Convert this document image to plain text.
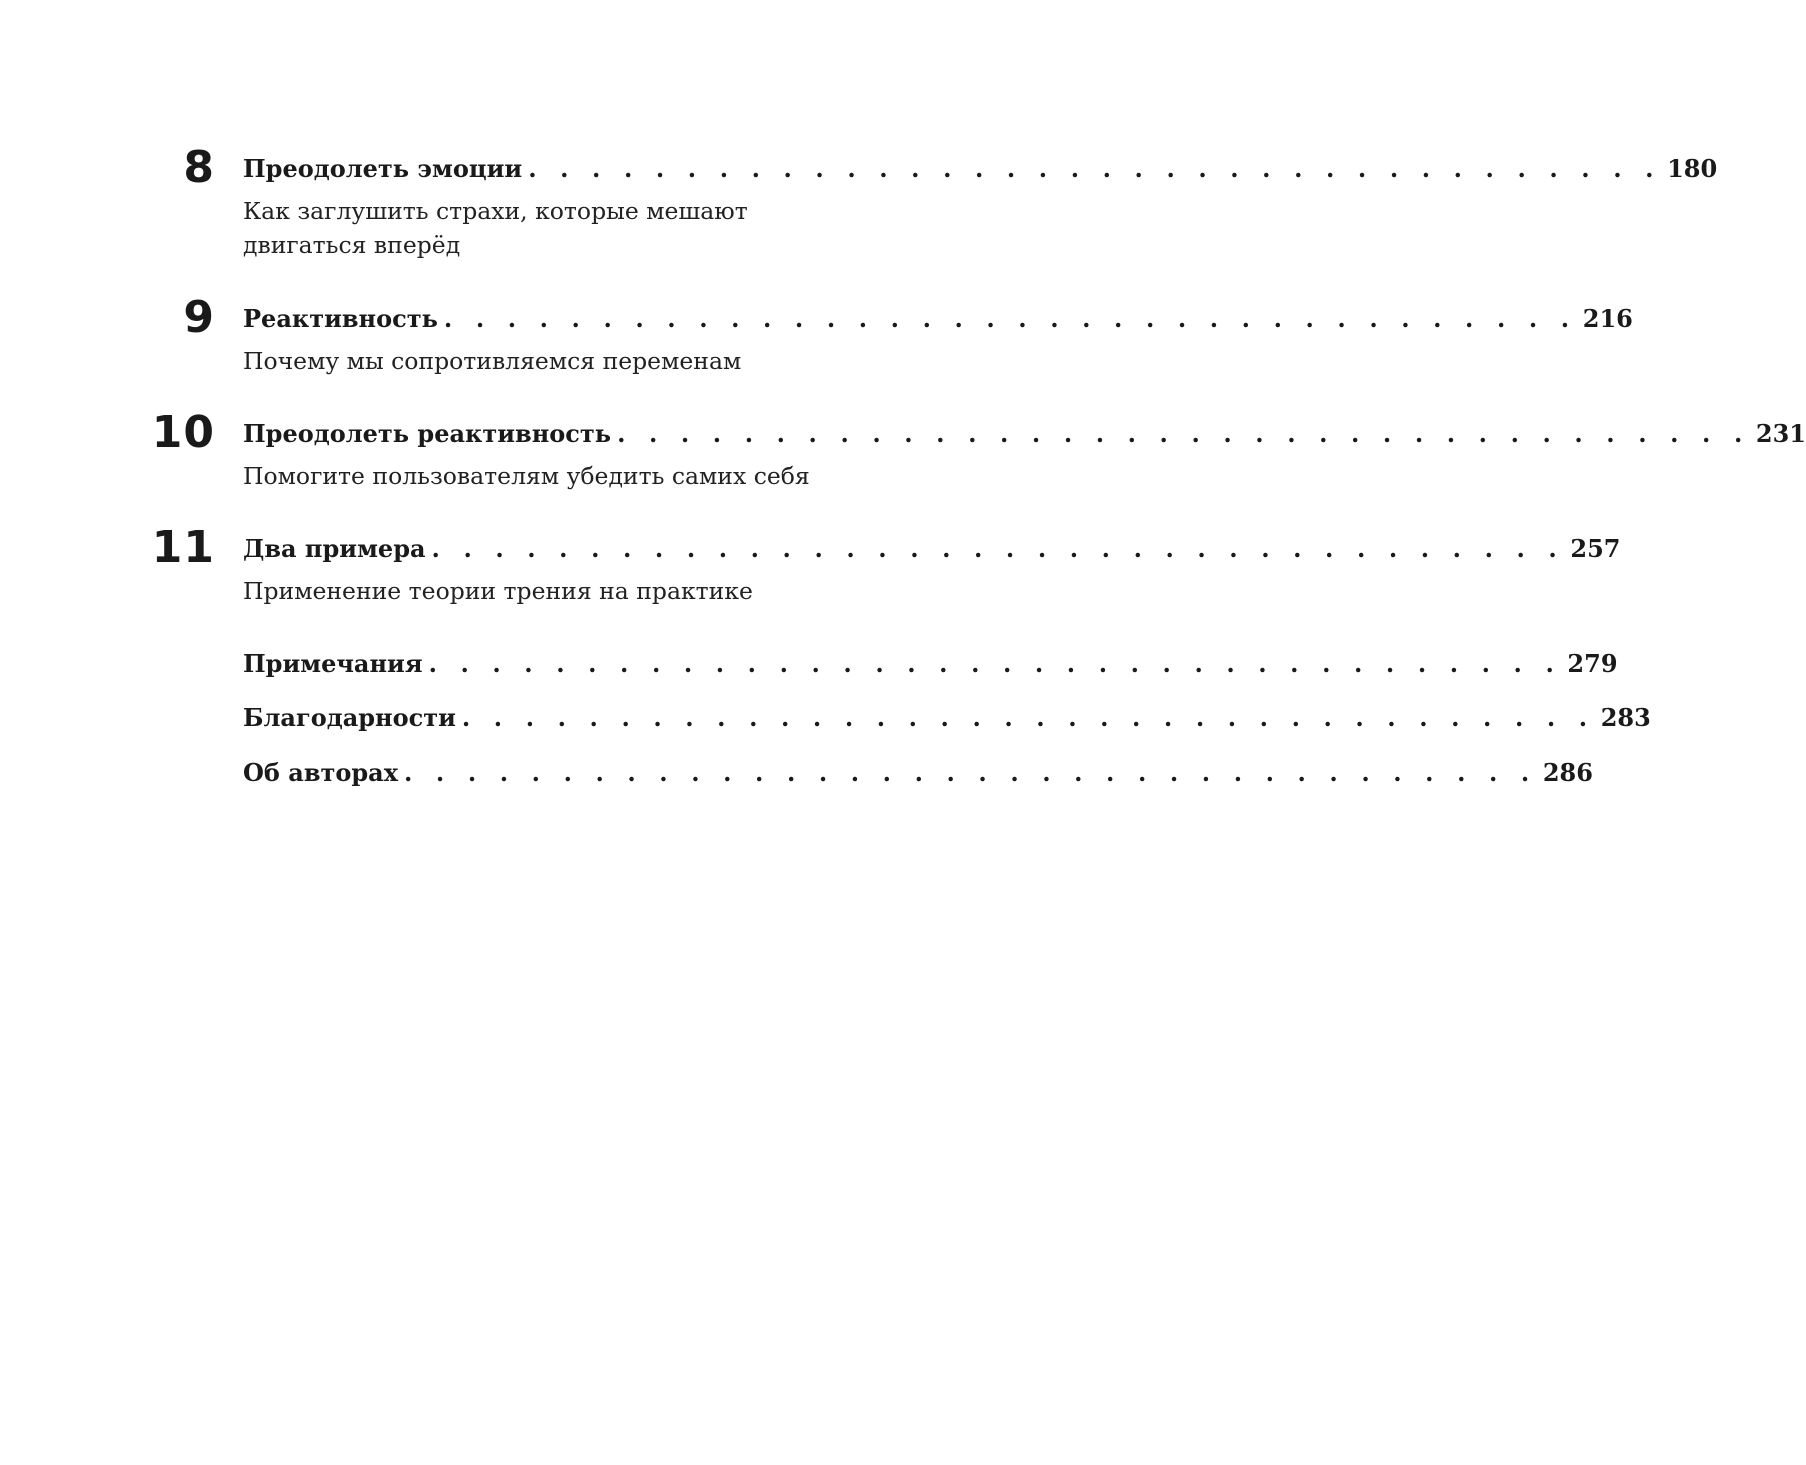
8 Преодолеть эмоции . . . . . . . . . . . . . . . . . . . . . . . . . . . . . . . . . . . . 180
Как заглушить страхи, которые мешают двигаться вперёд
9 Реактивность . . . . . . . . . . . . . . . . . . . . . . . . . . . . . . . . . . . . 216
Почему мы сопротивляемся переменам
10 Преодолеть реактивность . . . . . . . . . . . . . . . . . . . . . . . . . . . . . . . . . . . . 231
Помогите пользователям убедить самих себя
11 Два примера . . . . . . . . . . . . . . . . . . . . . . . . . . . . . . . . . . . . 257
Применение теории трения на практике
Примечания . . . . . . . . . . . . . . . . . . . . . . . . . . . . . . . . . . . . 279
Благодарности . . . . . . . . . . . . . . . . . . . . . . . . . . . . . . . . . . . . 283
Об авторах . . . . . . . . . . . . . . . . . . . . . . . . . . . . . . . . . . . . 286
